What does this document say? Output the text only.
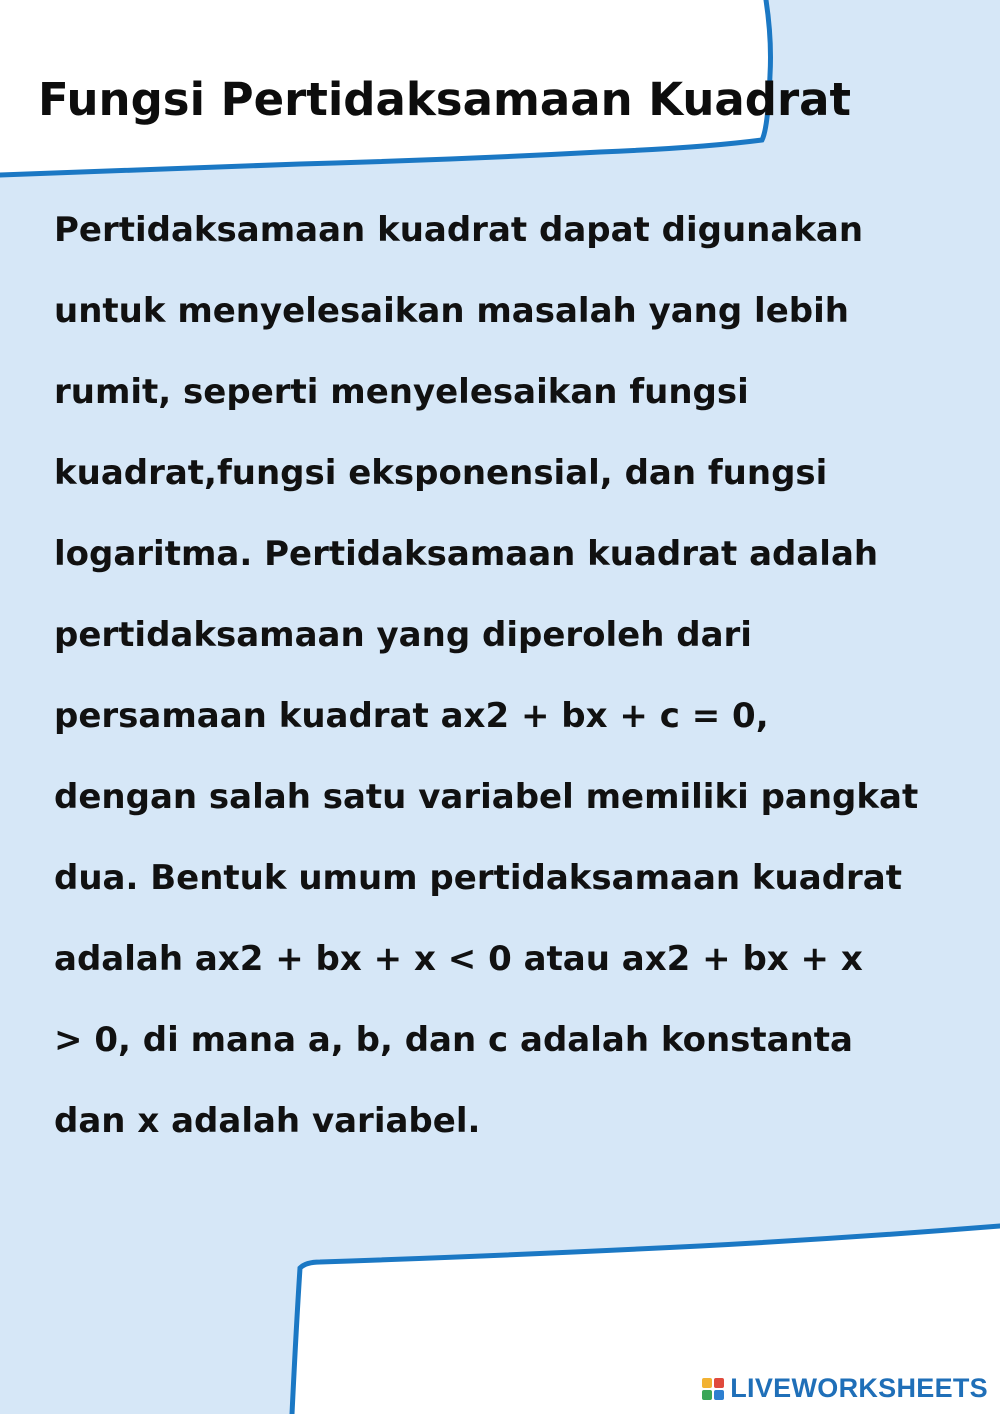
Fungsi Pertidaksamaan Kuadrat
Pertidaksamaan kuadrat dapat digunakan
untuk menyelesaikan masalah yang lebih
rumit, seperti menyelesaikan fungsi
kuadrat,fungsi eksponensial, dan fungsi
logaritma. Pertidaksamaan kuadrat adalah
pertidaksamaan yang diperoleh dari
persamaan kuadrat ax2 + bx + c = 0,
dengan salah satu variabel memiliki pangkat
dua. Bentuk umum pertidaksamaan kuadrat
adalah ax2 + bx + x < 0 atau ax2 + bx + x
> 0, di mana a, b, dan c adalah konstanta
dan x adalah variabel.
LIVEWORKSHEETS
